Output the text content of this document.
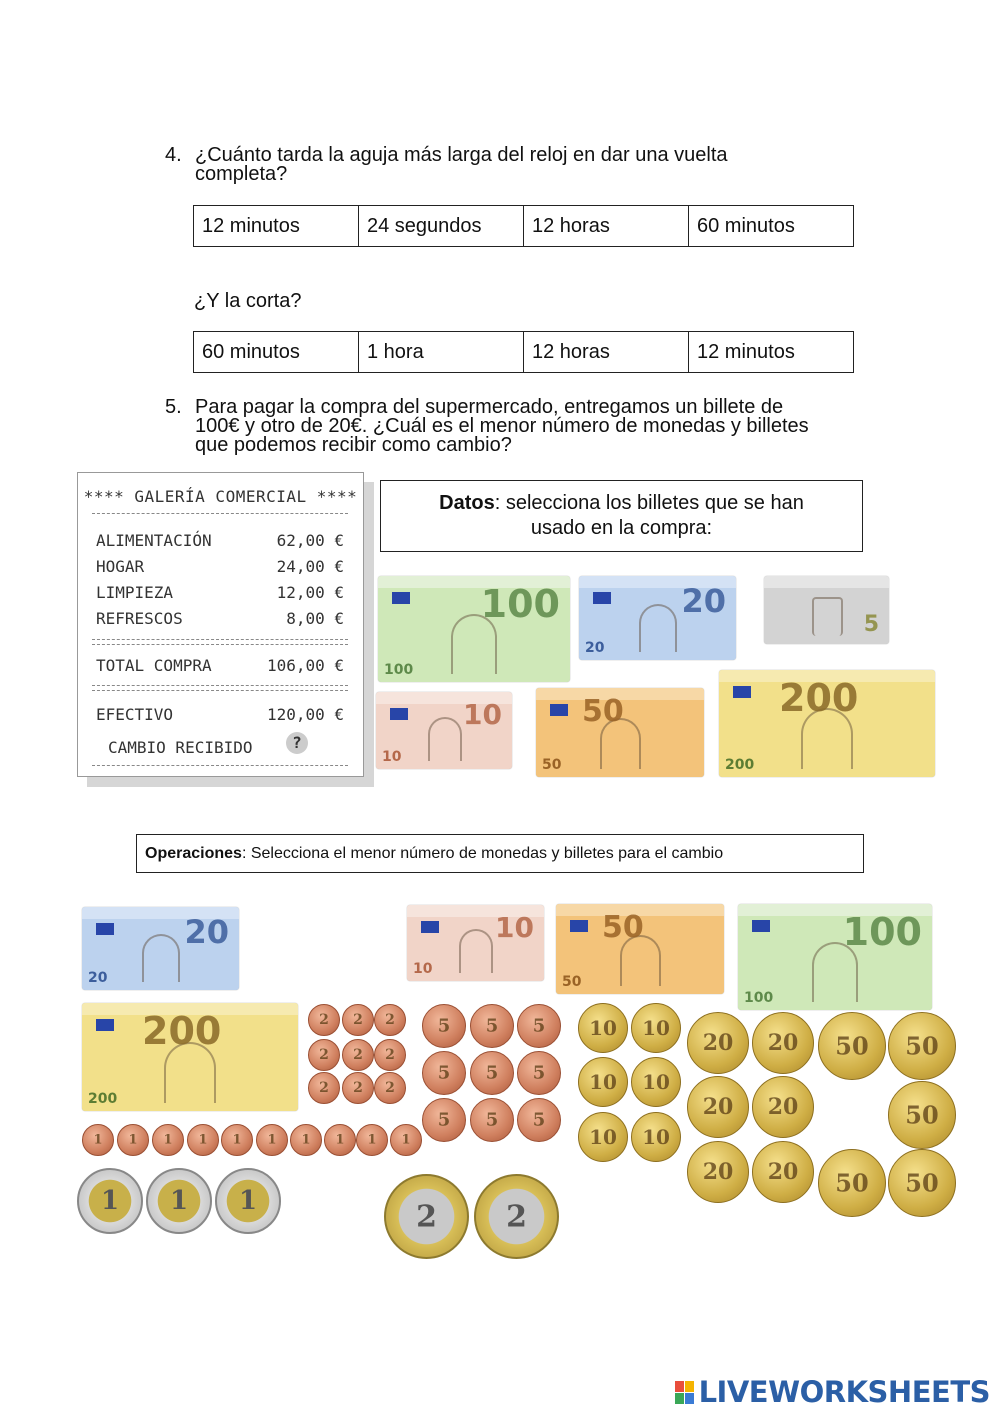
4. ¿Cuánto tarda la aguja más larga del reloj en dar una vuelta
completa?
12 minutos	24 segundos	12 horas	60 minutos
¿Y la corta?
60 minutos	1 hora	12 horas	12 minutos
5. Para pagar la compra del supermercado, entregamos un billete de
100€ y otro de 20€. ¿Cuál es el menor número de monedas y billetes
que podemos recibir como cambio?
**** GALERÍA COMERCIAL ****
ALIMENTACIÓN	62,00 €
HOGAR	24,00 €
LIMPIEZA	12,00 €
REFRESCOS	8,00 €
TOTAL COMPRA	106,00 €
EFECTIVO	120,00 €
CAMBIO RECIBIDO	?
Datos: selecciona los billetes que se han
usado en la compra:
100
100
20
20
5
10
10
50
50
200
200
Operaciones: Selecciona el menor número de monedas y billetes para el cambio
20
20
10
10
50
50
100
100
200
200
2	2	2
2	2	2
2	2	2
5	5	5
5	5	5
5	5	5
10	10
10	10
10	10
20	20
20	20
20	20
50	50
50
50	50
1	1	1	1	1	1	1	1	1	1
1	1	1	2	2
LIVEWORKSHEETS
